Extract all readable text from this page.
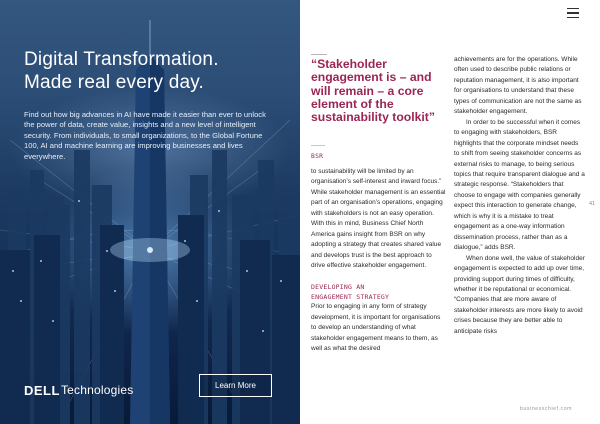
Digital Transformation.
Made real every day.

Find out how big advances in AI have made it easier than ever to unlock the power of data, create value, insights and a new level of intelligent security. From individuals, to small organizations, to the Global Fortune 100, AI and machine learning are improving businesses and lives everywhere.

DELL Technologies	Learn More
“Stakeholder engagement is – and will remain – a core element of the sustainability toolkit”
BSR

to sustainability will be limited by an organisation’s self-interest and inward focus.” While stakeholder management is an essential part of an organisation’s operations, engaging with stakeholders is not an easy operation. With this in mind, Business Chief North America gains insight from BSR on why adopting a strategy that creates shared value and develops trust is the best approach to drive effective stakeholder engagement.

DEVELOPING AN
ENGAGEMENT STRATEGY

Prior to engaging in any form of strategy development, it is important for organisations to develop an understanding of what stakeholder engagement means to them, as well as what the desired

achievements are for the operations. While often used to describe public relations or reputation management, it is also important for organisations to understand that these types of communication are not the same as stakeholder engagement.

In order to be successful when it comes to engaging with stakeholders, BSR highlights that the corporate mindset needs to shift from seeing stakeholder concerns as external risks to manage, to being serious topics that require transparent dialogue and a strategic response. “Stakeholders that choose to engage with companies generally expect this interaction to generate change, which is why it is a mistake to treat engagement as a one-way information dissemination process, rather than as a dialogue,” adds BSR.

When done well, the value of stakeholder engagement is expected to add up over time, providing support during times of difficulty, whether it be reputational or economical. “Companies that are more aware of stakeholder interests are more likely to avoid crises because they are better able to anticipate risks

41
businesschief.com
